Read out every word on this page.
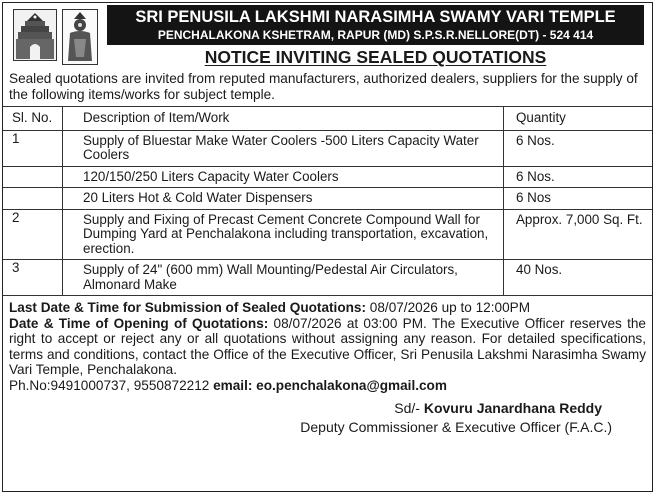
SRI PENUSILA LAKSHMI NARASIMHA SWAMY VARI TEMPLE
PENCHALAKONA KSHETRAM, RAPUR (MD) S.P.S.R.NELLORE(DT) - 524 414
NOTICE INVITING SEALED QUOTATIONS
Sealed quotations are invited from reputed manufacturers, authorized dealers, suppliers for the supply of the following items/works for subject temple.
Sl. No.	Description of Item/Work	Quantity
1	Supply of Bluestar Make Water Coolers -500 Liters Capacity Water Coolers	6 Nos.
	120/150/250 Liters Capacity Water Coolers	6 Nos.
	20 Liters Hot & Cold Water Dispensers	6 Nos
2	Supply and Fixing of Precast Cement Concrete Compound Wall for Dumping Yard at Penchalakona including transportation, excavation, erection.	Approx. 7,000 Sq. Ft.
3	Supply of 24" (600 mm) Wall Mounting/Pedestal Air Circulators, Almonard Make	40 Nos.
Last Date & Time for Submission of Sealed Quotations: 08/07/2026 up to 12:00PM
Date & Time of Opening of Quotations: 08/07/2026 at 03:00 PM. The Executive Officer reserves the right to accept or reject any or all quotations without assigning any reason. For detailed specifications, terms and conditions, contact the Office of the Executive Officer, Sri Penusila Lakshmi Narasimha Swamy Vari Temple, Penchalakona.
Ph.No:9491000737, 9550872212 email: eo.penchalakona@gmail.com
Sd/- Kovuru Janardhana Reddy
Deputy Commissioner & Executive Officer (F.A.C.)
